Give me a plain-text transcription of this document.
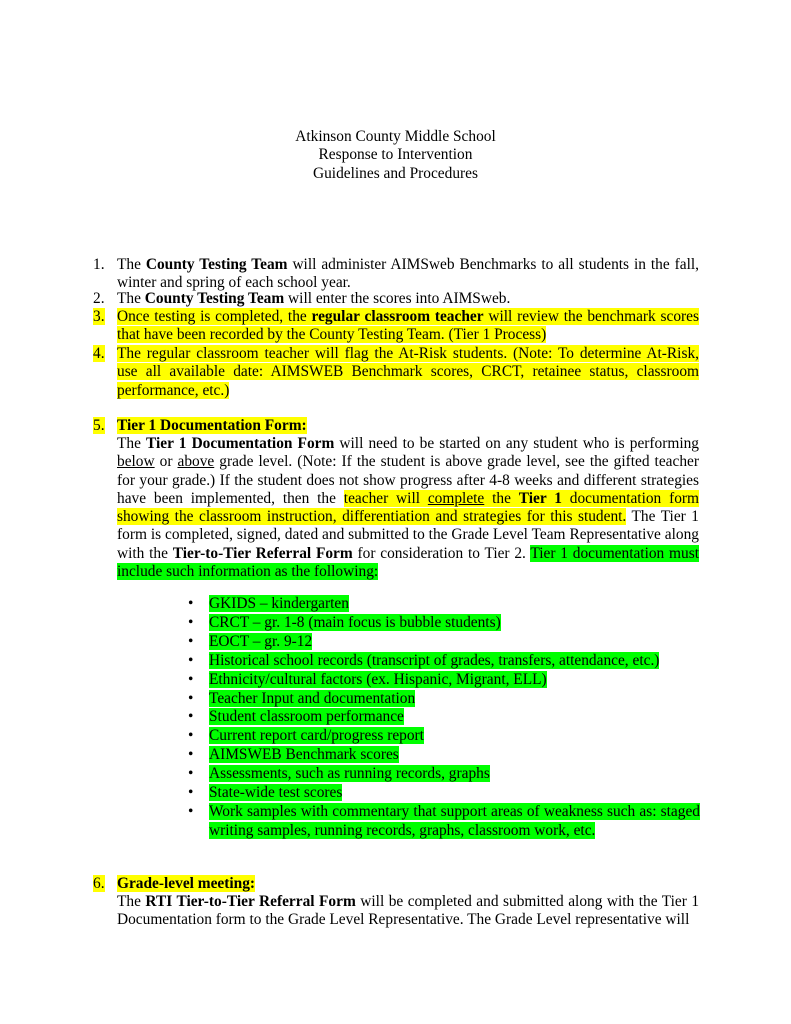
Atkinson County Middle School
Response to Intervention
Guidelines and Procedures
1. The County Testing Team will administer AIMSweb Benchmarks to all students in the fall, winter and spring of each school year.
2. The County Testing Team will enter the scores into AIMSweb.
3. Once testing is completed, the regular classroom teacher will review the benchmark scores that have been recorded by the County Testing Team. (Tier 1 Process)
4. The regular classroom teacher will flag the At-Risk students. (Note: To determine At-Risk, use all available date: AIMSWEB Benchmark scores, CRCT, retainee status, classroom performance, etc.)
5. Tier 1 Documentation Form:
The Tier 1 Documentation Form will need to be started on any student who is performing below or above grade level. (Note: If the student is above grade level, see the gifted teacher for your grade.) If the student does not show progress after 4-8 weeks and different strategies have been implemented, then the teacher will complete the Tier 1 documentation form showing the classroom instruction, differentiation and strategies for this student. The Tier 1 form is completed, signed, dated and submitted to the Grade Level Team Representative along with the Tier-to-Tier Referral Form for consideration to Tier 2. Tier 1 documentation must include such information as the following:
• GKIDS – kindergarten
• CRCT – gr. 1-8 (main focus is bubble students)
• EOCT – gr. 9-12
• Historical school records (transcript of grades, transfers, attendance, etc.)
• Ethnicity/cultural factors (ex. Hispanic, Migrant, ELL)
• Teacher Input and documentation
• Student classroom performance
• Current report card/progress report
• AIMSWEB Benchmark scores
• Assessments, such as running records, graphs
• State-wide test scores
• Work samples with commentary that support areas of weakness such as: staged writing samples, running records, graphs, classroom work, etc.
6. Grade-level meeting:
The RTI Tier-to-Tier Referral Form will be completed and submitted along with the Tier 1 Documentation form to the Grade Level Representative. The Grade Level representative will
